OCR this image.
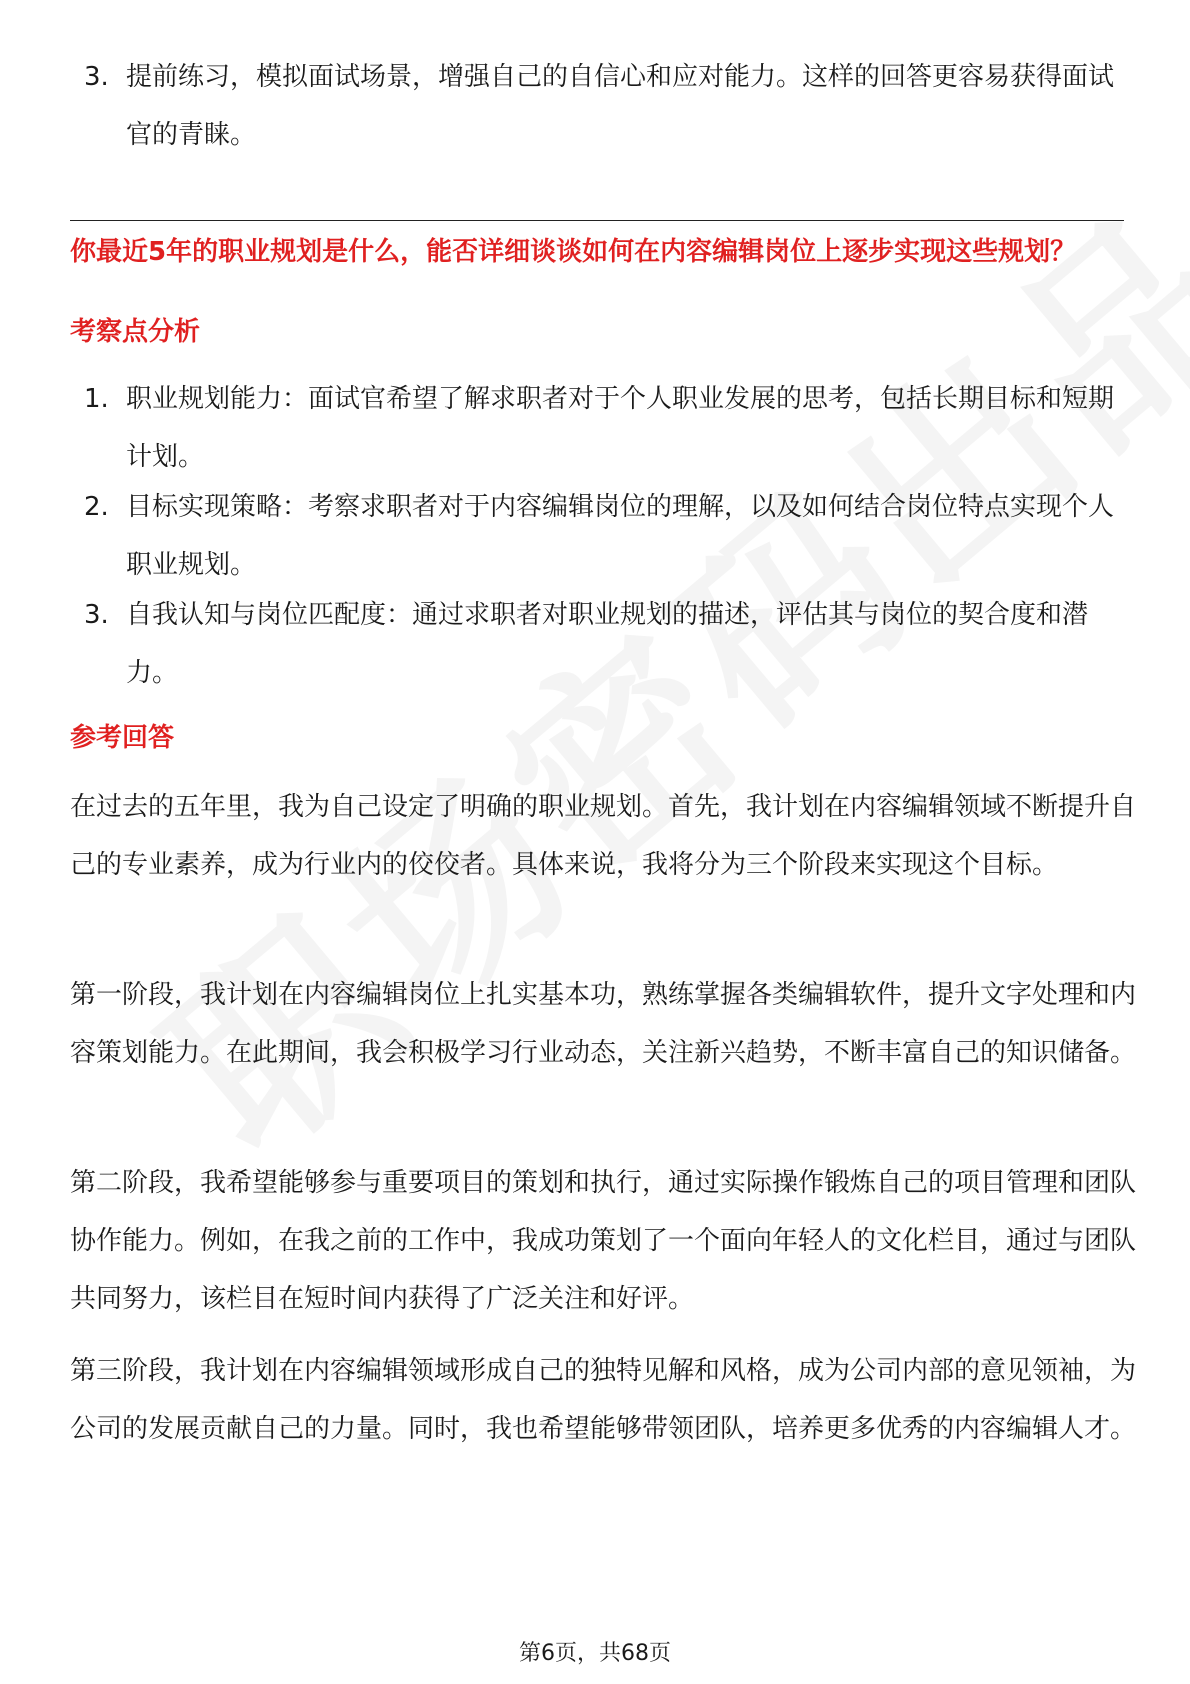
3. 提前练习，模拟面试场景，增强自己的自信心和应对能力。这样的回答更容易获得面试官的青睐。
你最近5年的职业规划是什么，能否详细谈谈如何在内容编辑岗位上逐步实现这些规划？
考察点分析
1. 职业规划能力：面试官希望了解求职者对于个人职业发展的思考，包括长期目标和短期计划。
2. 目标实现策略：考察求职者对于内容编辑岗位的理解，以及如何结合岗位特点实现个人职业规划。
3. 自我认知与岗位匹配度：通过求职者对职业规划的描述，评估其与岗位的契合度和潜力。
参考回答
在过去的五年里，我为自己设定了明确的职业规划。首先，我计划在内容编辑领域不断提升自己的专业素养，成为行业内的佼佼者。具体来说，我将分为三个阶段来实现这个目标。
第一阶段，我计划在内容编辑岗位上扎实基本功，熟练掌握各类编辑软件，提升文字处理和内容策划能力。在此期间，我会积极学习行业动态，关注新兴趋势，不断丰富自己的知识储备。
第二阶段，我希望能够参与重要项目的策划和执行，通过实际操作锻炼自己的项目管理和团队协作能力。例如，在我之前的工作中，我成功策划了一个面向年轻人的文化栏目，通过与团队共同努力，该栏目在短时间内获得了广泛关注和好评。
第三阶段，我计划在内容编辑领域形成自己的独特见解和风格，成为公司内部的意见领袖，为公司的发展贡献自己的力量。同时，我也希望能够带领团队，培养更多优秀的内容编辑人才。
第6页，共68页
